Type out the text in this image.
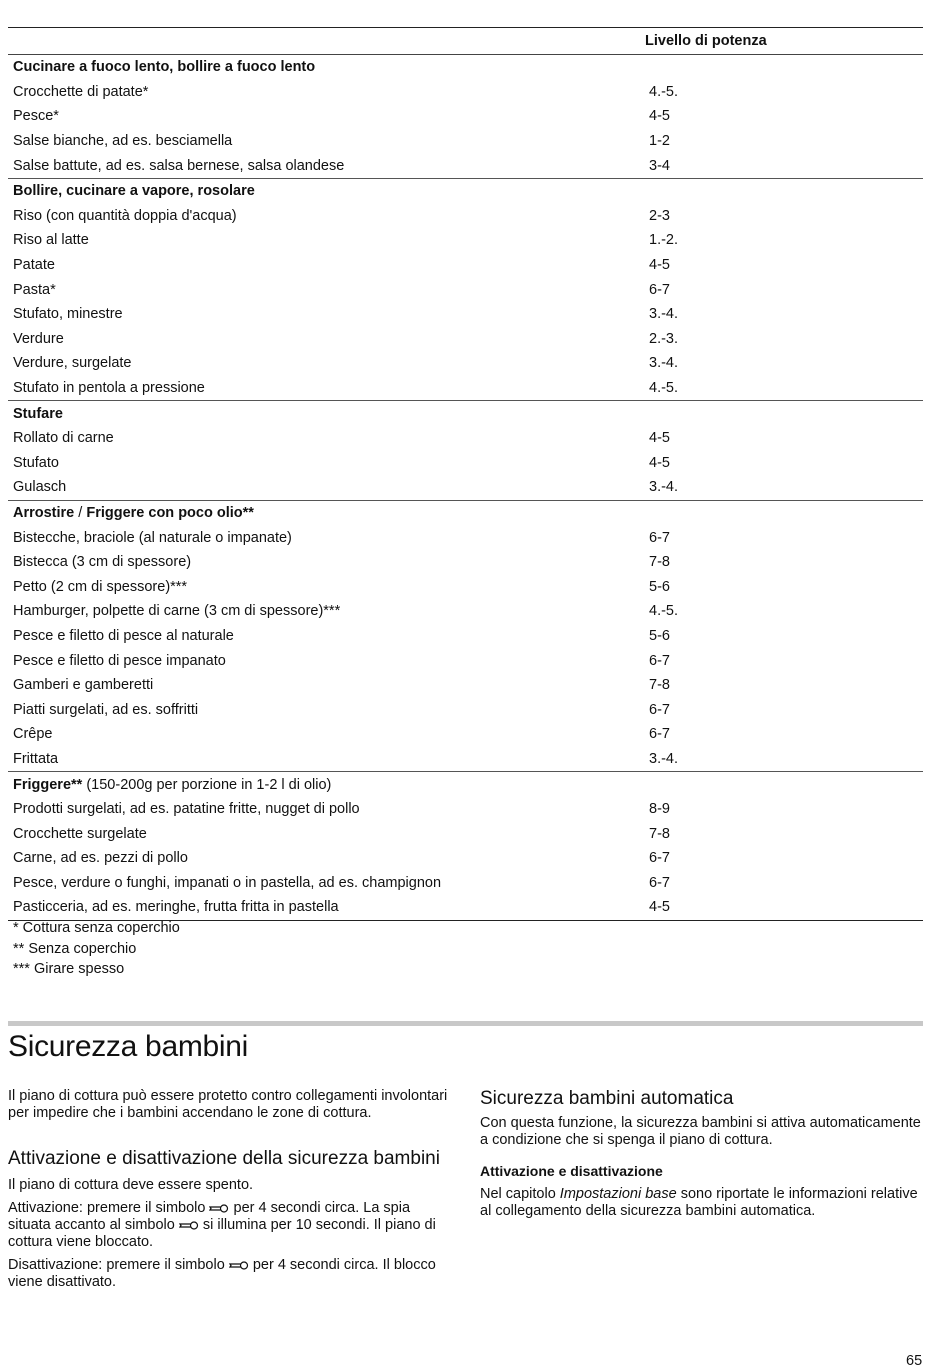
	Livello di potenza
Cucinare a fuoco lento, bollire a fuoco lento	
Crocchette di patate*	4.-5.
Pesce*	4-5
Salse bianche, ad es. besciamella	1-2
Salse battute, ad es. salsa bernese, salsa olandese	3-4
Bollire, cucinare a vapore, rosolare	
Riso (con quantità doppia d'acqua)	2-3
Riso al latte	1.-2.
Patate	4-5
Pasta*	6-7
Stufato, minestre	3.-4.
Verdure	2.-3.
Verdure, surgelate	3.-4.
Stufato in pentola a pressione	4.-5.
Stufare	
Rollato di carne	4-5
Stufato	4-5
Gulasch	3.-4.
Arrostire / Friggere con poco olio**	
Bistecche, braciole (al naturale o impanate)	6-7
Bistecca (3 cm di spessore)	7-8
Petto (2 cm di spessore)***	5-6
Hamburger, polpette di carne (3 cm di spessore)***	4.-5.
Pesce e filetto di pesce al naturale	5-6
Pesce e filetto di pesce impanato	6-7
Gamberi e gamberetti	7-8
Piatti surgelati, ad es. soffritti	6-7
Crêpe	6-7
Frittata	3.-4.
Friggere** (150-200g per porzione in 1-2 l di olio)	
Prodotti surgelati, ad es. patatine fritte, nugget di pollo	8-9
Crocchette surgelate	7-8
Carne, ad es. pezzi di pollo	6-7
Pesce, verdure o funghi, impanati o in pastella, ad es. champignon	6-7
Pasticceria, ad es. meringhe, frutta fritta in pastella	4-5
* Cottura senza coperchio
** Senza coperchio
*** Girare spesso
Sicurezza bambini

Il piano di cottura può essere protetto contro collegamenti involontari per impedire che i bambini accendano le zone di cottura.

Attivazione e disattivazione della sicurezza bambini

Il piano di cottura deve essere spento.

Attivazione: premere il simbolo  per 4 secondi circa. La spia situata accanto al simbolo  si illumina per 10 secondi. Il piano di cottura viene bloccato.

Disattivazione: premere il simbolo  per 4 secondi circa. Il blocco viene disattivato.

Sicurezza bambini automatica

Con questa funzione, la sicurezza bambini si attiva automaticamente a condizione che si spenga il piano di cottura.

Attivazione e disattivazione

Nel capitolo Impostazioni base sono riportate le informazioni relative al collegamento della sicurezza bambini automatica.

65
